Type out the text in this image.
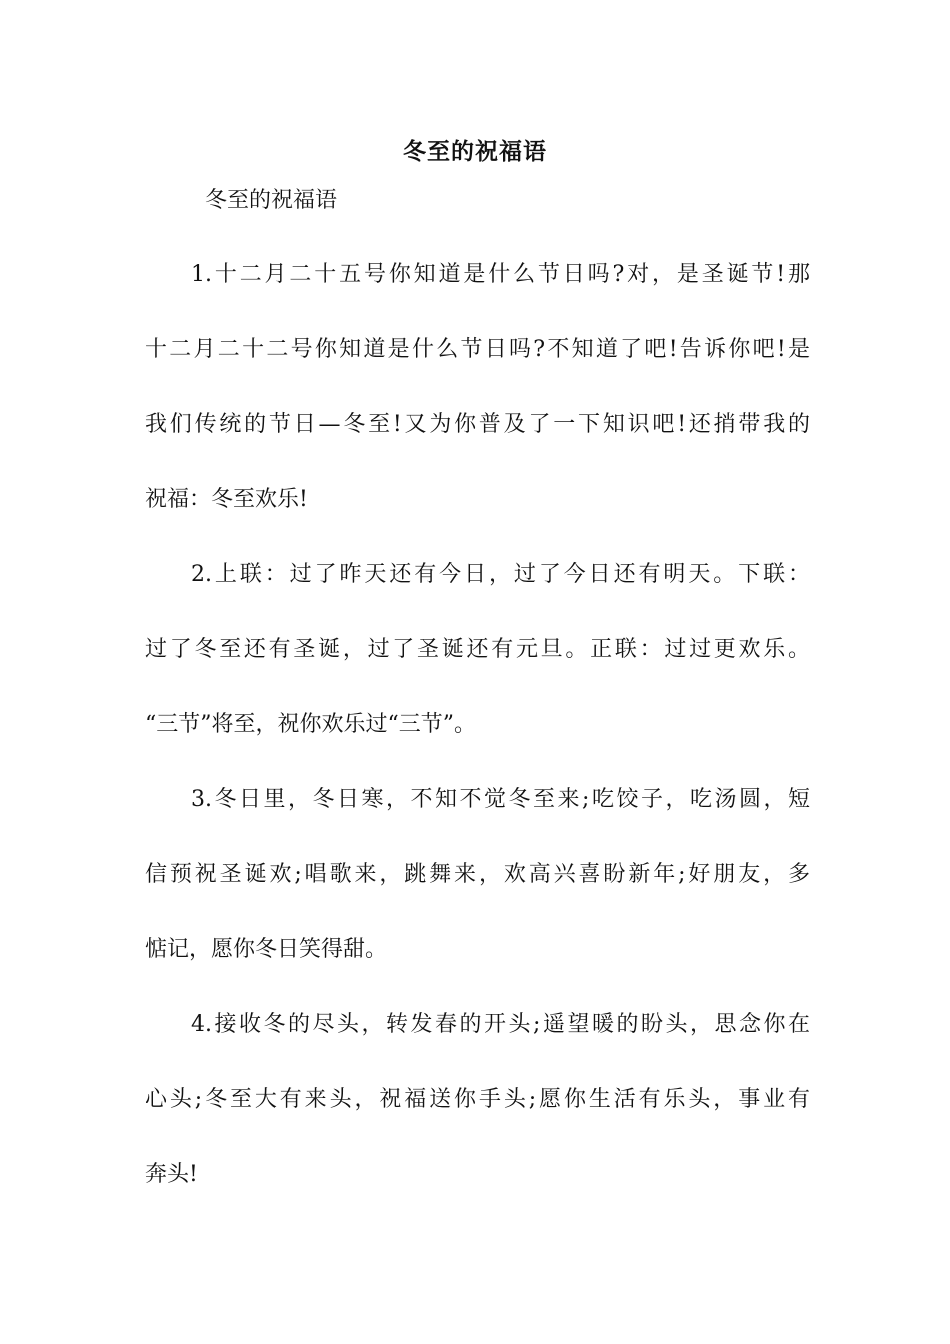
冬至的祝福语
冬至的祝福语
1.十二月二十五号你知道是什么节日吗?对，是圣诞节!那
十二月二十二号你知道是什么节日吗?不知道了吧!告诉你吧!是
我们传统的节日—冬至!又为你普及了一下知识吧!还捎带我的
祝福：冬至欢乐!
2.上联：过了昨天还有今日，过了今日还有明天。下联：
过了冬至还有圣诞，过了圣诞还有元旦。正联：过过更欢乐。
“三节”将至，祝你欢乐过“三节”。
3.冬日里，冬日寒，不知不觉冬至来;吃饺子，吃汤圆，短
信预祝圣诞欢;唱歌来，跳舞来，欢高兴喜盼新年;好朋友，多
惦记，愿你冬日笑得甜。
4.接收冬的尽头，转发春的开头;遥望暖的盼头，思念你在
心头;冬至大有来头，祝福送你手头;愿你生活有乐头，事业有
奔头!
